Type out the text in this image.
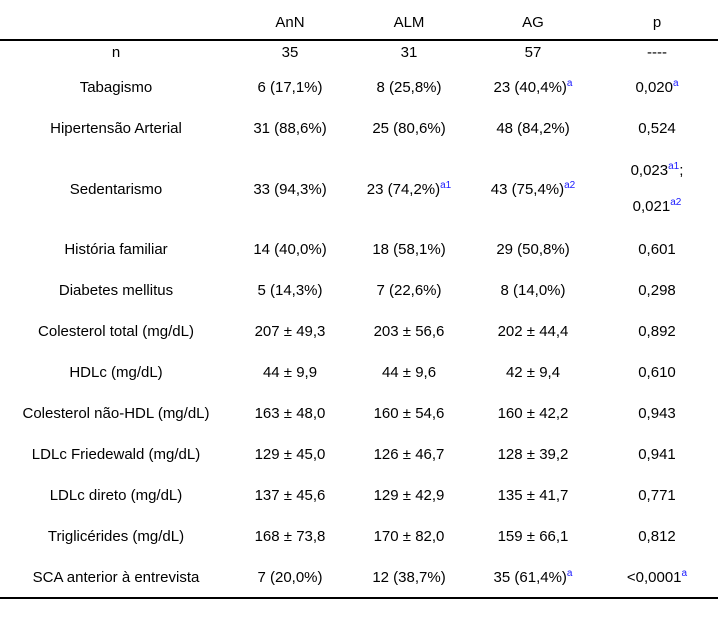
	AnN	ALM	AG	p
n	35	31	57	----
Tabagismo	6 (17,1%)	8 (25,8%)	23 $(40,4\%)^a$	0,020$^a$
Hipertensão Arterial	31 (88,6%)	25 (80,6%)	48 (84,2%)	0,524
Sedentarismo	33 (94,3%)	23 $(74,2\%)^{a1}$	43 $(75,4\%)^{a2}$	$0,023^{a1}$;
$0,021^{a2}$

História familiar	14 (40,0%)	18 (58,1%)	29 (50,8%)	0,601
Diabetes mellitus	5 (14,3%)	7 (22,6%)	8 (14,0%)	0,298
Colesterol total (mg/dL)	207 ± 49,3	203 ± 56,6	202 ± 44,4	0,892
HDLc (mg/dL)	44 ± 9,9	44 ± 9,6	42 ± 9,4	0,610
Colesterol não-HDL (mg/dL)	163 ± 48,0	160 ± 54,6	160 ± 42,2	0,943
LDLc Friedewald (mg/dL)	129 ± 45,0	126 ± 46,7	128 ± 39,2	0,941
LDLc direto (mg/dL)	137 ± 45,6	129 ± 42,9	135 ± 41,7	0,771
Triglicérides (mg/dL)	168 ± 73,8	170 ± 82,0	159 ± 66,1	0,812
SCA anterior à entrevista	7 (20,0%)	12 (38,7%)	35 $(61,4\%)^a$	<0,0001$^a$
